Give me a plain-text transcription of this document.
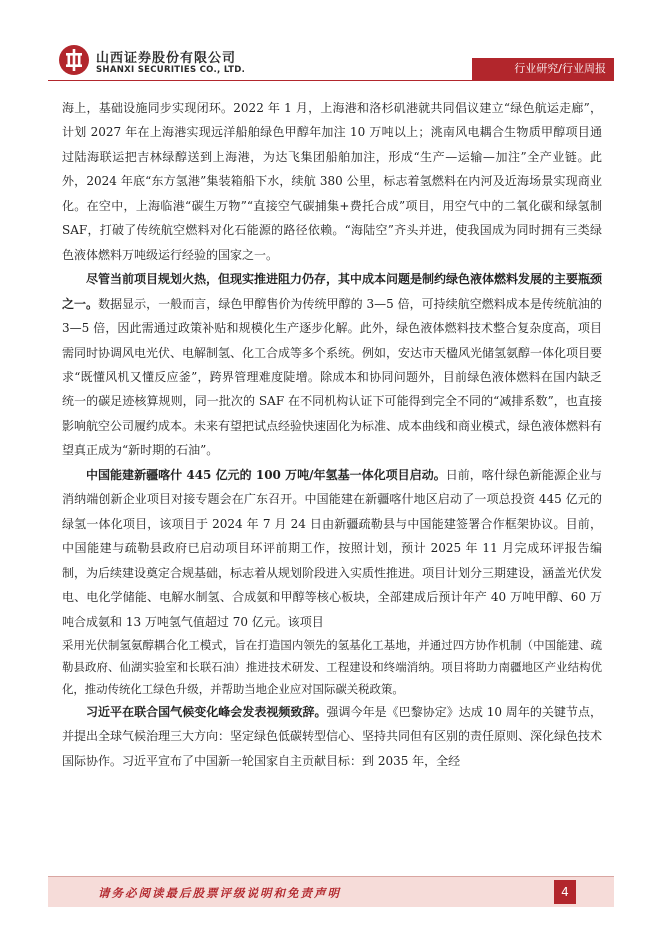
山西证券股份有限公司
SHANXI SECURITIES CO., LTD.	行业研究/行业周报

海上，基础设施同步实现闭环。2022 年 1 月，上海港和洛杉矶港就共同倡议建立“绿色航运走廊”，计划 2027 年在上海港实现远洋船舶绿色甲醇年加注 10 万吨以上；洮南风电耦合生物质甲醇项目通过陆海联运把吉林绿醇送到上海港，为达飞集团船舶加注，形成“生产—运输—加注”全产业链。此外，2024 年底“东方氢港”集装箱船下水，续航 380 公里，标志着氢燃料在内河及近海场景实现商业化。在空中，上海临港“碳生万物”“直接空气碳捕集+费托合成”项目，用空气中的二氧化碳和绿氢制 SAF，打破了传统航空燃料对化石能源的路径依赖。“海陆空”齐头并进，使我国成为同时拥有三类绿色液体燃料万吨级运行经验的国家之一。

尽管当前项目规划火热，但现实推进阻力仍存，其中成本问题是制约绿色液体燃料发展的主要瓶颈之一。数据显示，一般而言，绿色甲醇售价为传统甲醇的 3—5 倍，可持续航空燃料成本是传统航油的 3—5 倍，因此需通过政策补贴和规模化生产逐步化解。此外，绿色液体燃料技术整合复杂度高，项目需同时协调风电光伏、电解制氢、化工合成等多个系统。例如，安达市天楹风光储氢氨醇一体化项目要求“既懂风机又懂反应釜”，跨界管理难度陡增。除成本和协同问题外，目前绿色液体燃料在国内缺乏统一的碳足迹核算规则，同一批次的 SAF 在不同机构认证下可能得到完全不同的“减排系数”，也直接影响航空公司履约成本。未来有望把试点经验快速固化为标准、成本曲线和商业模式，绿色液体燃料有望真正成为“新时期的石油”。

中国能建新疆喀什 445 亿元的 100 万吨/年氢基一体化项目启动。日前，喀什绿色新能源企业与消纳端创新企业项目对接专题会在广东召开。中国能建在新疆喀什地区启动了一项总投资 445 亿元的绿氢一体化项目，该项目于 2024 年 7 月 24 日由新疆疏勒县与中国能建签署合作框架协议。目前，中国能建与疏勒县政府已启动项目环评前期工作，按照计划，预计 2025 年 11 月完成环评报告编制，为后续建设奠定合规基础，标志着从规划阶段进入实质性推进。项目计划分三期建设，涵盖光伏发电、电化学储能、电解水制氢、合成氨和甲醇等核心板块，全部建成后预计年产 40 万吨甲醇、60 万吨合成氨和 13 万吨氢气值超过 70 亿元。该项目

采用光伏制氢氨醇耦合化工模式，旨在打造国内领先的氢基化工基地，并通过四方协作机制（中国能建、疏勒县政府、仙湖实验室和长联石油）推进技术研发、工程建设和终端消纳。项目将助力南疆地区产业结构优化，推动传统化工绿色升级，并帮助当地企业应对国际碳关税政策。

习近平在联合国气候变化峰会发表视频致辞。强调今年是《巴黎协定》达成 10 周年的关键节点，并提出全球气候治理三大方向：坚定绿色低碳转型信心、坚持共同但有区别的责任原则、深化绿色技术国际协作。习近平宣布了中国新一轮国家自主贡献目标：到 2035 年，全经

请务必阅读最后股票评级说明和免责声明	4
